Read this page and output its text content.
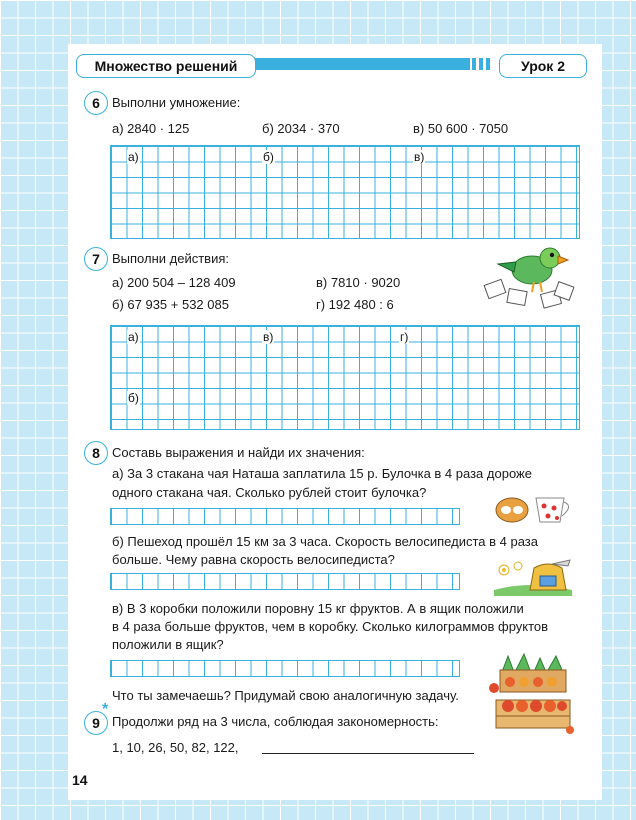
Множество решений	Урок 2
6 Выполни умножение:
а) 2840 · 125	б) 2034 · 370	в) 50 600 · 7050
а)	б)	в)
7 Выполни действия:
а) 200 504 – 128 409	в) 7810 · 9020
б) 67 935 + 532 085	г) 192 480 : 6
а)	в)	г)
б)
8 Составь выражения и найди их значения:
а) За 3 стакана чая Наташа заплатила 15 р. Булочка в 4 раза дороже
одного стакана чая. Сколько рублей стоит булочка?
б) Пешеход прошёл 15 км за 3 часа. Скорость велосипедиста в 4 раза
больше. Чему равна скорость велосипедиста?
в) В 3 коробки положили поровну 15 кг фруктов. А в ящик положили
в 4 раза больше фруктов, чем в коробку. Сколько килограммов фруктов
положили в ящик?
Что ты замечаешь? Придумай свою аналогичную задачу.
9
*
Продолжи ряд на 3 числа, соблюдая закономерность:
1, 10, 26, 50, 82, 122,
14
